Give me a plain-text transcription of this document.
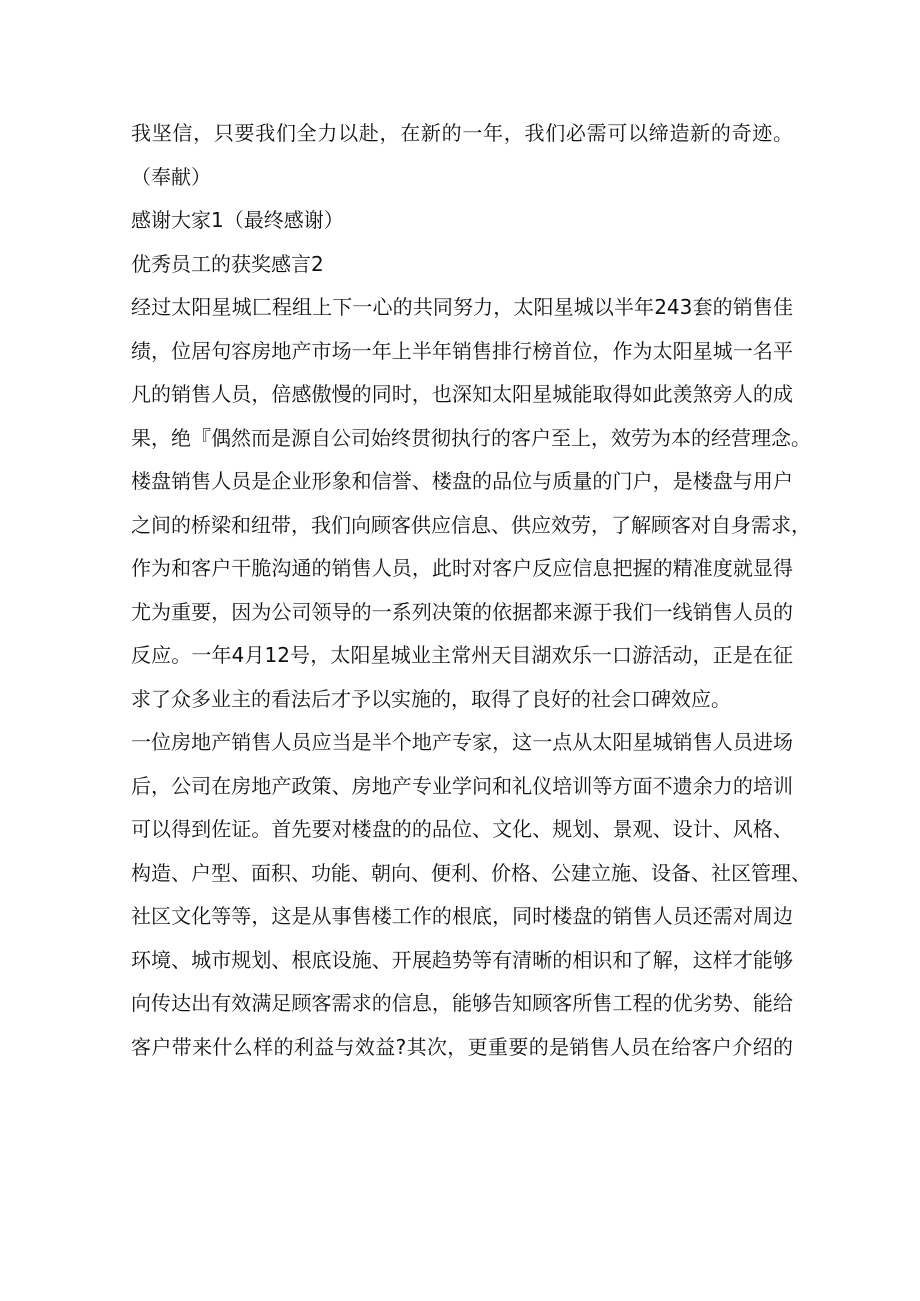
我坚信，只要我们全力以赴，在新的一年，我们必需可以缔造新的奇迹。
（奉献）
感谢大家1（最终感谢）
优秀员工的获奖感言2
经过太阳星城匚程组上下一心的共同努力，太阳星城以半年243套的销售佳
绩，位居句容房地产市场一年上半年销售排行榜首位，作为太阳星城一名平
凡的销售人员，倍感傲慢的同时，也深知太阳星城能取得如此羡煞旁人的成
果，绝『偶然而是源自公司始终贯彻执行的客户至上，效劳为本的经营理念。
楼盘销售人员是企业形象和信誉、楼盘的品位与质量的门户，是楼盘与用户
之间的桥梁和纽带，我们向顾客供应信息、供应效劳，了解顾客对自身需求，
作为和客户干脆沟通的销售人员，此时对客户反应信息把握的精准度就显得
尤为重要，因为公司领导的一系列决策的依据都来源于我们一线销售人员的
反应。一年4月12号，太阳星城业主常州天目湖欢乐一口游活动，正是在征
求了众多业主的看法后才予以实施的，取得了良好的社会口碑效应。
一位房地产销售人员应当是半个地产专家，这一点从太阳星城销售人员进场
后，公司在房地产政策、房地产专业学问和礼仪培训等方面不遗余力的培训
可以得到佐证。首先要对楼盘的的品位、文化、规划、景观、设计、风格、
构造、户型、面积、功能、朝向、便利、价格、公建立施、设备、社区管理、
社区文化等等，这是从事售楼工作的根底，同时楼盘的销售人员还需对周边
环境、城市规划、根底设施、开展趋势等有清晰的相识和了解，这样才能够
向传达出有效满足顾客需求的信息，能够告知顾客所售工程的优劣势、能给
客户带来什么样的利益与效益?其次，更重要的是销售人员在给客户介绍的
